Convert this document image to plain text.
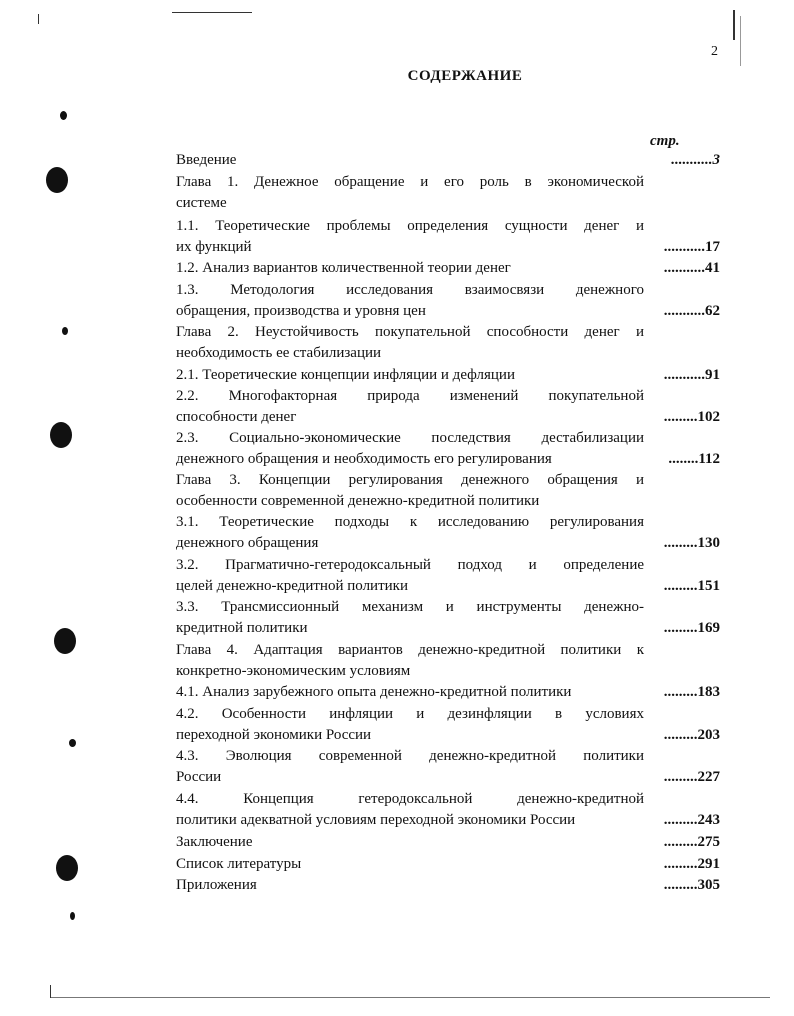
2
СОДЕРЖАНИЕ
стр.
Введение	...........3
Глава 1. Денежное обращение и его роль в экономической
системе
1.1. Теоретические проблемы определения сущности денег и
их функций	...........17
1.2. Анализ вариантов количественной теории денег	...........41
1.3. Методология исследования взаимосвязи денежного
обращения, производства и уровня цен	...........62
Глава 2. Неустойчивость покупательной способности денег и
необходимость ее стабилизации
2.1. Теоретические концепции инфляции и дефляции	...........91
2.2. Многофакторная природа изменений покупательной
способности денег	.........102
2.3. Социально-экономические последствия дестабилизации
денежного обращения и необходимость его регулирования	........112
Глава 3. Концепции регулирования денежного обращения и
особенности современной денежно-кредитной политики
3.1. Теоретические подходы к исследованию регулирования
денежного обращения	.........130
3.2. Прагматично-гетеродоксальный подход и определение
целей денежно-кредитной политики	.........151
3.3. Трансмиссионный механизм и инструменты денежно-
кредитной политики	.........169
Глава 4. Адаптация вариантов денежно-кредитной политики к
конкретно-экономическим условиям
4.1. Анализ зарубежного опыта денежно-кредитной политики	.........183
4.2. Особенности инфляции и дезинфляции в условиях
переходной экономики России	.........203
4.3. Эволюция современной денежно-кредитной политики
России	.........227
4.4. Концепция гетеродоксальной денежно-кредитной
политики адекватной условиям переходной экономики России	.........243
Заключение	.........275
Список литературы	.........291
Приложения	.........305
